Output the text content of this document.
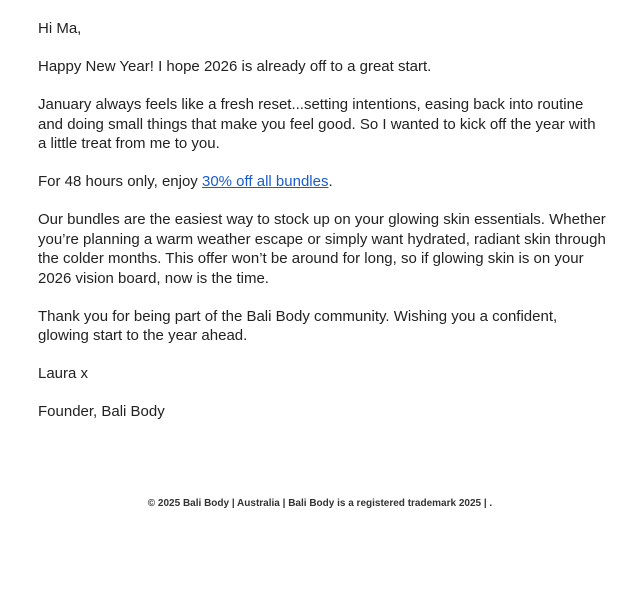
Hi Ma,

Happy New Year! I hope 2026 is already off to a great start.

January always feels like a fresh reset...setting intentions, easing back into routine and doing small things that make you feel good. So I wanted to kick off the year with a little treat from me to you.

For 48 hours only, enjoy 30% off all bundles.

Our bundles are the easiest way to stock up on your glowing skin essentials. Whether you’re planning a warm weather escape or simply want hydrated, radiant skin through the colder months. This offer won’t be around for long, so if glowing skin is on your 2026 vision board, now is the time.

Thank you for being part of the Bali Body community. Wishing you a confident, glowing start to the year ahead.

Laura x

Founder, Bali Body

© 2025 Bali Body | Australia | Bali Body is a registered trademark 2025 | .
